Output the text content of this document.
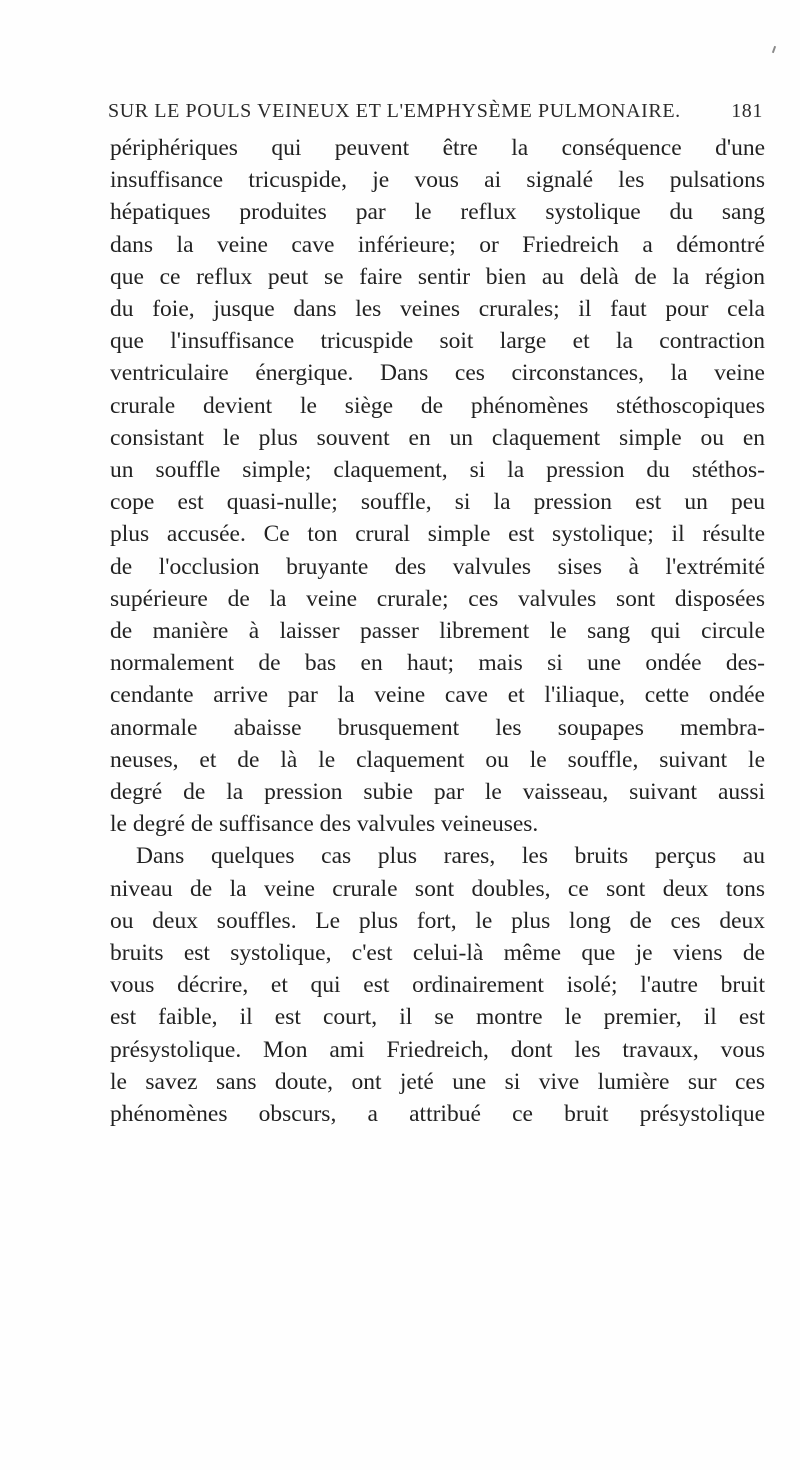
SUR LE POULS VEINEUX ET L'EMPHYSÈME PULMONAIRE.	181
périphériques qui peuvent être la conséquence d'une
insuffisance tricuspide, je vous ai signalé les pulsations
hépatiques produites par le reflux systolique du sang
dans la veine cave inférieure; or Friedreich a démontré
que ce reflux peut se faire sentir bien au delà de la région
du foie, jusque dans les veines crurales; il faut pour cela
que l'insuffisance tricuspide soit large et la contraction
ventriculaire énergique. Dans ces circonstances, la veine
crurale devient le siège de phénomènes stéthoscopiques
consistant le plus souvent en un claquement simple ou en
un souffle simple; claquement, si la pression du stéthos-
cope est quasi-nulle; souffle, si la pression est un peu
plus accusée. Ce ton crural simple est systolique; il résulte
de l'occlusion bruyante des valvules sises à l'extrémité
supérieure de la veine crurale; ces valvules sont disposées
de manière à laisser passer librement le sang qui circule
normalement de bas en haut; mais si une ondée des-
cendante arrive par la veine cave et l'iliaque, cette ondée
anormale abaisse brusquement les soupapes membra-
neuses, et de là le claquement ou le souffle, suivant le
degré de la pression subie par le vaisseau, suivant aussi
le degré de suffisance des valvules veineuses.
Dans quelques cas plus rares, les bruits perçus au
niveau de la veine crurale sont doubles, ce sont deux tons
ou deux souffles. Le plus fort, le plus long de ces deux
bruits est systolique, c'est celui-là même que je viens de
vous décrire, et qui est ordinairement isolé; l'autre bruit
est faible, il est court, il se montre le premier, il est
présystolique. Mon ami Friedreich, dont les travaux, vous
le savez sans doute, ont jeté une si vive lumière sur ces
phénomènes obscurs, a attribué ce bruit présystolique
